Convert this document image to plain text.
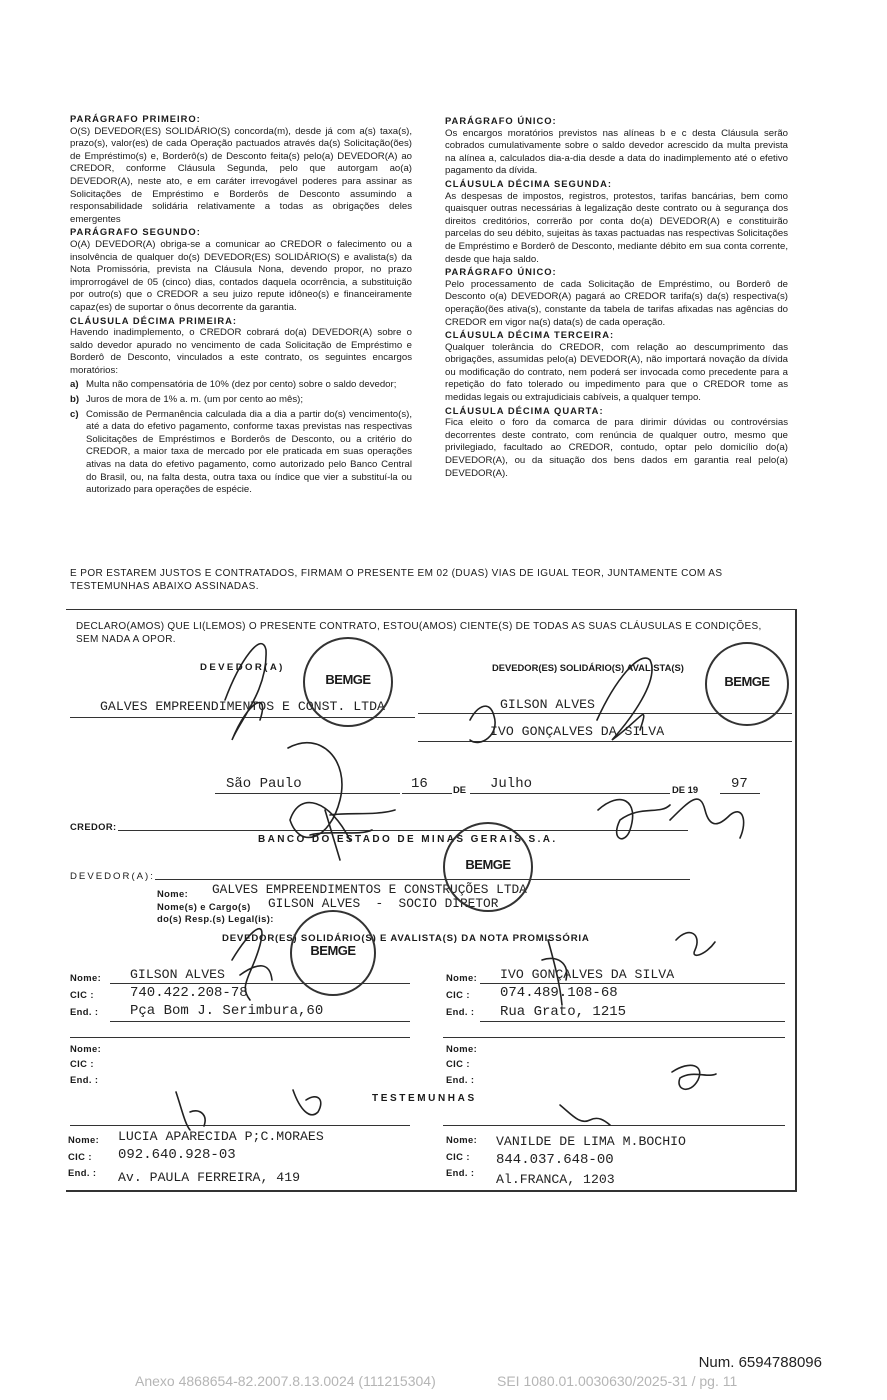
PARÁGRAFO PRIMEIRO:

O(S) DEVEDOR(ES) SOLIDÁRIO(S) concorda(m), desde já com a(s) taxa(s), prazo(s), valor(es) de cada Operação pactuados através da(s) Solicitação(ões) de Empréstimo(s) e, Borderô(s) de Desconto feita(s) pelo(a) DEVEDOR(A) ao CREDOR, conforme Cláusula Segunda, pelo que autorgam ao(a) DEVEDOR(A), neste ato, e em caráter irrevogável poderes para assinar as Solicitações de Empréstimo e Borderôs de Desconto assumindo a responsabilidade solidária relativamente a todas as obrigações deles emergentes

PARÁGRAFO SEGUNDO:

O(A) DEVEDOR(A) obriga-se a comunicar ao CREDOR o falecimento ou a insolvência de qualquer do(s) DEVEDOR(ES) SOLIDÁRIO(S) e avalista(s) da Nota Promissória, prevista na Cláusula Nona, devendo propor, no prazo improrrogável de 05 (cinco) dias, contados daquela ocorrência, a substituição por outro(s) que o CREDOR a seu juizo repute idôneo(s) e financeiramente capaz(es) de suportar o ônus decorrente da garantia.

CLÁUSULA DÉCIMA PRIMEIRA:

Havendo inadimplemento, o CREDOR cobrará do(a) DEVEDOR(A) sobre o saldo devedor apurado no vencimento de cada Solicitação de Empréstimo e Borderô de Desconto, vinculados a este contrato, os seguintes encargos moratórios:

a) Multa não compensatória de 10% (dez por cento) sobre o saldo devedor;
b) Juros de mora de 1% a. m. (um por cento ao mês);
c) Comissão de Permanência calculada dia a dia a partir do(s) vencimento(s), até a data do efetivo pagamento, conforme taxas previstas nas respectivas Solicitações de Empréstimos e Borderôs de Desconto, ou a critério do CREDOR, a maior taxa de mercado por ele praticada em suas operações ativas na data do efetivo pagamento, como autorizado pelo Banco Central do Brasil, ou, na falta desta, outra taxa ou índice que vier a substituí-la ou autorizado para operações de espécie.

PARÁGRAFO ÚNICO:

Os encargos moratórios previstos nas alíneas b e c desta Cláusula serão cobrados cumulativamente sobre o saldo devedor acrescido da multa prevista na alínea a, calculados dia-a-dia desde a data do inadimplemento até o efetivo pagamento da dívida.

CLÁUSULA DÉCIMA SEGUNDA:

As despesas de impostos, registros, protestos, tarifas bancárias, bem como quaisquer outras necessárias à legalização deste contrato ou à segurança dos direitos creditórios, correrão por conta do(a) DEVEDOR(A) e constituirão parcelas do seu débito, sujeitas às taxas pactuadas nas respectivas Solicitações de Empréstimo e Borderô de Desconto, mediante débito em sua conta corrente, desde que haja saldo.

PARÁGRAFO ÚNICO:

Pelo processamento de cada Solicitação de Empréstimo, ou Borderô de Desconto o(a) DEVEDOR(A) pagará ao CREDOR tarifa(s) da(s) respectiva(s) operação(ões ativa(s), constante da tabela de tarifas afixadas nas agências do CREDOR em vigor na(s) data(s) de cada operação.

CLÁUSULA DÉCIMA TERCEIRA:

Qualquer tolerância do CREDOR, com relação ao descumprimento das obrigações, assumidas pelo(a) DEVEDOR(A), não importará novação da dívida ou modificação do contrato, nem poderá ser invocada como precedente para a repetição do fato tolerado ou impedimento para que o CREDOR tome as medidas legais ou extrajudiciais cabíveis, a qualquer tempo.

CLÁUSULA DÉCIMA QUARTA:

Fica eleito o foro da comarca de para dirimir dúvidas ou controvérsias decorrentes deste contrato, com renúncia de qualquer outro, mesmo que privilegiado, facultado ao CREDOR, contudo, optar pelo domicílio do(a) DEVEDOR(A), ou da situação dos bens dados em garantia real pelo(a) DEVEDOR(A).

E POR ESTAREM JUSTOS E CONTRATADOS, FIRMAM O PRESENTE EM 02 (DUAS) VIAS DE IGUAL TEOR, JUNTAMENTE COM AS TESTEMUNHAS ABAIXO ASSINADAS.
DECLARO(AMOS) QUE LI(LEMOS) O PRESENTE CONTRATO, ESTOU(AMOS) CIENTE(S) DE TODAS AS SUAS CLÁUSULAS E CONDIÇÕES, SEM NADA A OPOR.
DEVEDOR(A)	DEVEDOR(ES) SOLIDÁRIO(S) AVALISTA(S)
GALVES EMPREENDIMENTOS E CONST. LTDA	GILSON ALVES
IVO GONÇALVES DA SILVA
São Paulo	16	DE Julho	DE 19 97
CREDOR:
BANCO DO ESTADO DE MINAS GERAIS S.A.
DEVEDOR(A):
Nome: GALVES EMPREENDIMENTOS E CONSTRUÇÕES LTDA
Nome(s) e Cargo(s)
do(s) Resp.(s) Legal(is):
GILSON ALVES  -  SOCIO DIRETOR
DEVEDOR(ES) SOLIDÁRIO(S) E AVALISTA(S) DA NOTA PROMISSÓRIA
Nome: GILSON ALVES
CIC :	740.422.208-78
End. : Pça Bom J. Serimbura,60
Nome: IVO GONÇALVES DA SILVA
CIC : 074.489.108-68
End. : Rua Grato, 1215
Nome:
CIC :
End. :
Nome:
CIC :
End. :
TESTEMUNHAS
Nome: LUCIA APARECIDA P;C.MORAES
CIC : 092.640.928-03
End. : Av. PAULA FERREIRA, 419
Nome: VANILDE DE LIMA M.BOCHIO
CIC : 844.037.648-00
End. : Al.FRANCA, 1203
BEMGE	BEMGE
BEMGE
BEMGE
Num. 6594788096
Anexo 4868654-82.2007.8.13.0024 (111215304)	SEI 1080.01.0030630/2025-31 / pg. 11
